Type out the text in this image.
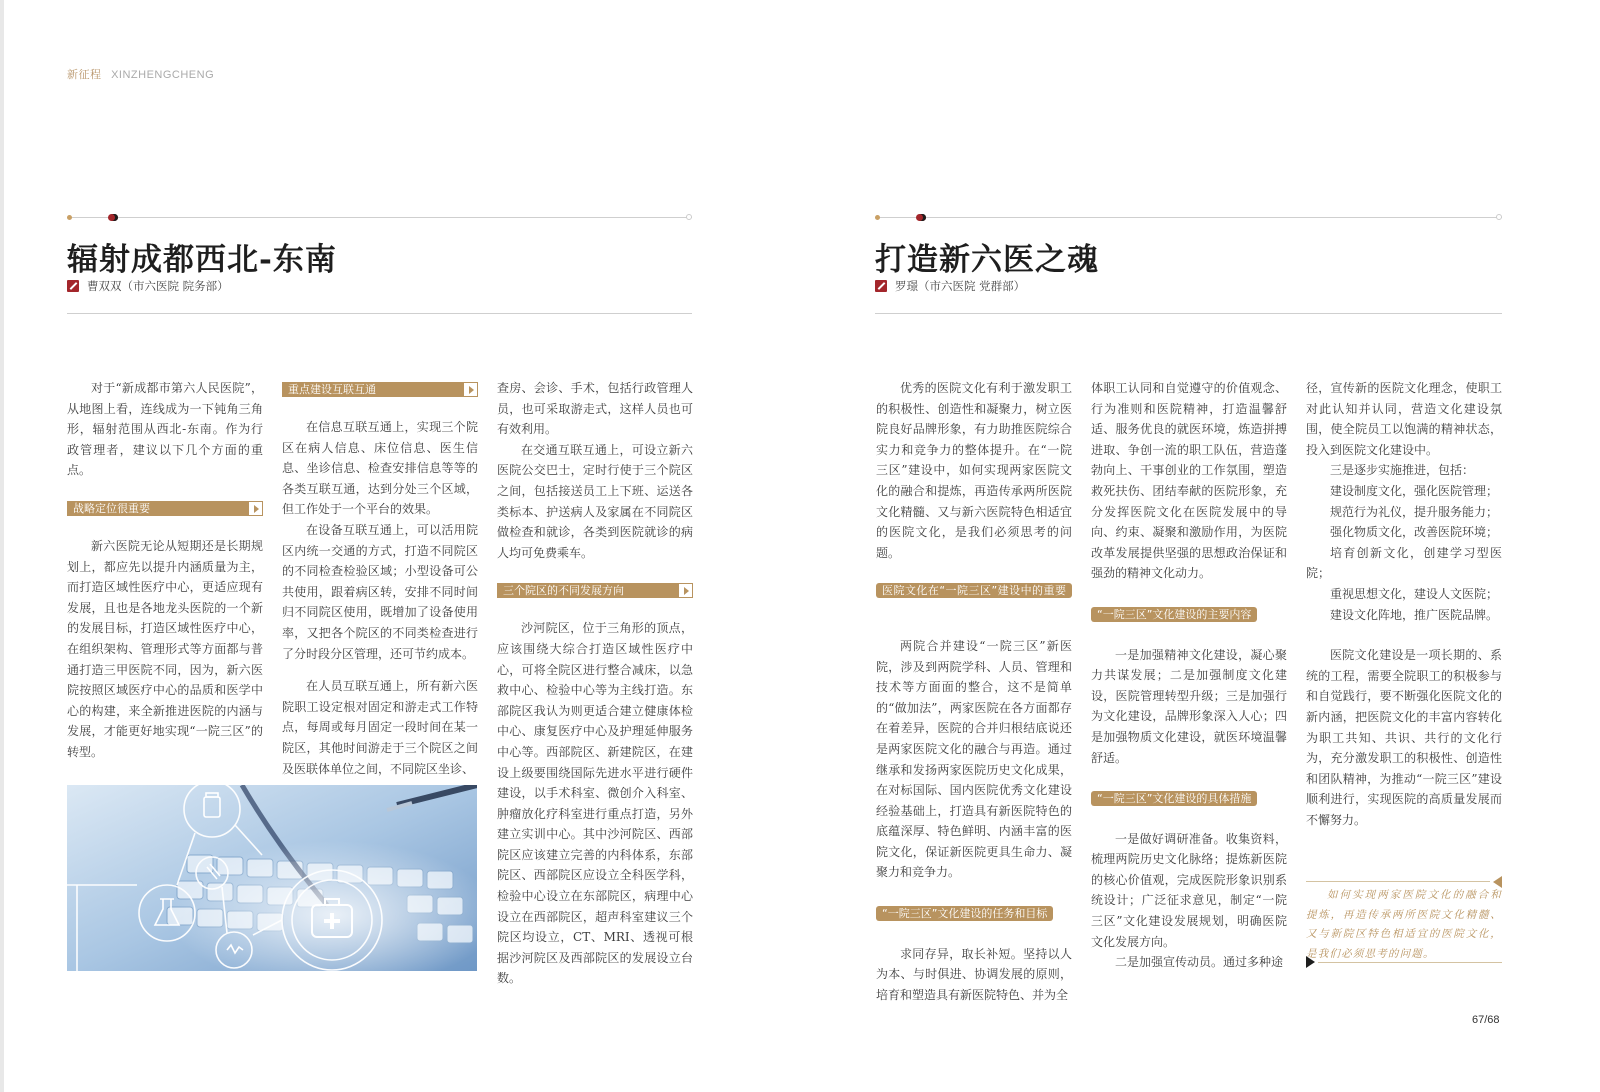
新征程 XINZHENGCHENG
辐射成都西北-东南
曹双双（市六医院 院务部）

对于“新成都市第六人民医院”，从地图上看，连线成为一下钝角三角形，辐射范围从西北-东南。作为行政管理者，建议以下几个方面的重点。

战略定位很重要

新六医院无论从短期还是长期规划上，都应先以提升内涵质量为主，而打造区域性医疗中心，更适应现有发展，且也是各地龙头医院的一个新的发展目标，打造区域性医疗中心，在组织架构、管理形式等方面都与普通打造三甲医院不同，因为，新六医院按照区域医疗中心的品质和医学中心的构建，来全新推进医院的内涵与发展，才能更好地实现“一院三区”的转型。

重点建设互联互通

在信息互联互通上，实现三个院区在病人信息、床位信息、医生信息、坐诊信息、检查安排信息等等的各类互联互通，达到分处三个区域，但工作处于一个平台的效果。

在设备互联互通上，可以活用院区内统一交通的方式，打造不同院区的不同检查检验区域；小型设备可公共使用，跟着病区转，安排不同时间归不同院区使用，既增加了设备使用率，又把各个院区的不同类检查进行了分时段分区管理，还可节约成本。

在人员互联互通上，所有新六医院职工设定根对固定和游走式工作特点，每周或每月固定一段时间在某一院区，其他时间游走于三个院区之间及医联体单位之间，不同院区坐诊、

查房、会诊、手术，包括行政管理人员，也可采取游走式，这样人员也可有效利用。

在交通互联互通上，可设立新六医院公交巴士，定时行使于三个院区之间，包括接送员工上下班、运送各类标本、护送病人及家属在不同院区做检查和就诊，各类到医院就诊的病人均可免费乘车。

三个院区的不同发展方向

沙河院区，位于三角形的顶点，应该围绕大综合打造区域性医疗中心，可将全院区进行整合减床，以急救中心、检验中心等为主线打造。东部院区我认为则更适合建立健康体检中心、康复医疗中心及护理延伸服务中心等。西部院区、新建院区，在建设上级要围绕国际先进水平进行硬件建设，以手术科室、微创介入科室、肿瘤放化疗科室进行重点打造，另外建立实训中心。其中沙河院区、西部院区应该建立完善的内科体系，东部院区、西部院区应设立全科医学科，检验中心设立在东部院区，病理中心设立在西部院区，超声科室建议三个院区均设立，CT、MRI、透视可根据沙河院区及西部院区的发展设立台数。

打造新六医之魂
罗璟（市六医院 党群部）

优秀的医院文化有利于激发职工的积极性、创造性和凝聚力，树立医院良好品牌形象，有力助推医院综合实力和竞争力的整体提升。在“一院三区”建设中，如何实现两家医院文化的融合和提炼，再造传承两所医院文化精髓、又与新六医院特色相适宜的医院文化，是我们必须思考的问题。

医院文化在“一院三区”建设中的重要性

两院合并建设“一院三区”新医院，涉及到两院学科、人员、管理和技术等方面面的整合，这不是简单的“做加法”，两家医院在各方面都存在着差异，医院的合并归根结底说还是两家医院文化的融合与再造。通过继承和发扬两家医院历史文化成果，在对标国际、国内医院优秀文化建设经验基础上，打造具有新医院特色的底蕴深厚、特色鲜明、内涵丰富的医院文化，保证新医院更具生命力、凝聚力和竞争力。

“一院三区”文化建设的任务和目标

求同存异，取长补短。坚持以人为本、与时俱进、协调发展的原则，培育和塑造具有新医院特色、并为全

体职工认同和自觉遵守的价值观念、行为准则和医院精神，打造温馨舒适、服务优良的就医环境，炼造拼搏进取、争创一流的职工队伍，营造蓬勃向上、干事创业的工作氛围，塑造救死扶伤、团结奉献的医院形象，充分发挥医院文化在医院发展中的导向、约束、凝聚和激励作用，为医院改革发展提供坚强的思想政治保证和强劲的精神文化动力。

“一院三区”文化建设的主要内容

一是加强精神文化建设，凝心聚力共谋发展；二是加强制度文化建设，医院管理转型升级；三是加强行为文化建设，品牌形象深入人心；四是加强物质文化建设，就医环境温馨舒适。

“一院三区”文化建设的具体措施

一是做好调研准备。收集资料，梳理两院历史文化脉络；提炼新医院的核心价值观，完成医院形象识别系统设计；广泛征求意见，制定“一院三区”文化建设发展规划，明确医院文化发展方向。

二是加强宣传动员。通过多种途

径，宣传新的医院文化理念，使职工对此认知并认同，营造文化建设氛围，使全院员工以饱满的精神状态，投入到医院文化建设中。

三是逐步实施推进，包括：

建设制度文化，强化医院管理；

规范行为礼仪，提升服务能力；

强化物质文化，改善医院环境；

培育创新文化，创建学习型医院；

重视思想文化，建设人文医院；

建设文化阵地，推广医院品牌。

医院文化建设是一项长期的、系统的工程，需要全院职工的积极参与和自觉践行，要不断强化医院文化的新内涵，把医院文化的丰富内容转化为职工共知、共识、共行的文化行为，充分激发职工的积极性、创造性和团队精神，为推动“一院三区”建设顺利进行，实现医院的高质量发展而不懈努力。

如何实现两家医院文化的融合和提炼，再造传承两所医院文化精髓、又与新院区特色相适宜的医院文化，是我们必须思考的问题。
67/68
